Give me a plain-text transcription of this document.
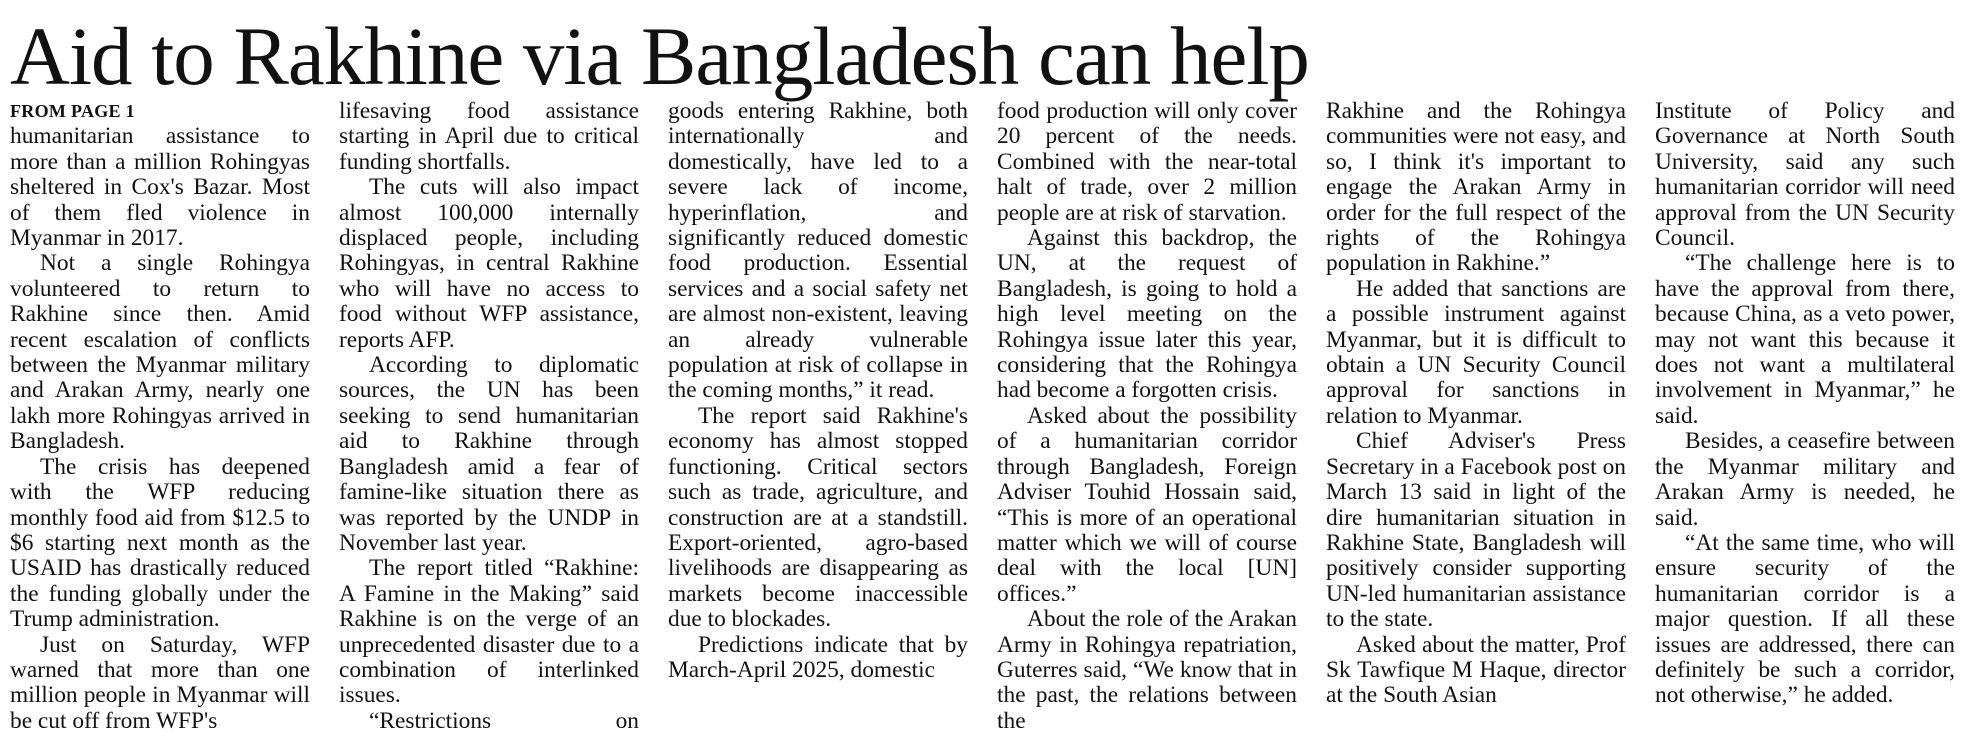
Aid to Rakhine via Bangladesh can help
FROM PAGE 1

humanitarian assistance to more than a million Rohingyas sheltered in Cox's Bazar. Most of them fled violence in Myanmar in 2017.

Not a single Rohingya volunteered to return to Rakhine since then. Amid recent escalation of conflicts between the Myanmar military and Arakan Army, nearly one lakh more Rohingyas arrived in Bangladesh.

The crisis has deepened with the WFP reducing monthly food aid from $12.5 to $6 starting next month as the USAID has drastically reduced the funding globally under the Trump administration.

Just on Saturday, WFP warned that more than one million people in Myanmar will be cut off from WFP's

lifesaving food assistance starting in April due to critical funding shortfalls.

The cuts will also impact almost 100,000 internally displaced people, including Rohingyas, in central Rakhine who will have no access to food without WFP assistance, reports AFP.

According to diplomatic sources, the UN has been seeking to send humanitarian aid to Rakhine through Bangladesh amid a fear of famine-like situation there as was reported by the UNDP in November last year.

The report titled “Rakhine: A Famine in the Making” said Rakhine is on the verge of an unprecedented disaster due to a combination of interlinked issues.

“Restrictions on

goods entering Rakhine, both internationally and domestically, have led to a severe lack of income, hyperinflation, and significantly reduced domestic food production. Essential services and a social safety net are almost non-existent, leaving an already vulnerable population at risk of collapse in the coming months,” it read.

The report said Rakhine's economy has almost stopped functioning. Critical sectors such as trade, agriculture, and construction are at a standstill. Export-oriented, agro-based livelihoods are disappearing as markets become inaccessible due to blockades.

Predictions indicate that by March-April 2025, domestic

food production will only cover 20 percent of the needs. Combined with the near-total halt of trade, over 2 million people are at risk of starvation.

Against this backdrop, the UN, at the request of Bangladesh, is going to hold a high level meeting on the Rohingya issue later this year, considering that the Rohingya had become a forgotten crisis.

Asked about the possibility of a humanitarian corridor through Bangladesh, Foreign Adviser Touhid Hossain said, “This is more of an operational matter which we will of course deal with the local [UN] offices.”

About the role of the Arakan Army in Rohingya repatriation, Guterres said, “We know that in the past, the relations between the

Rakhine and the Rohingya communities were not easy, and so, I think it's important to engage the Arakan Army in order for the full respect of the rights of the Rohingya population in Rakhine.”

He added that sanctions are a possible instrument against Myanmar, but it is difficult to obtain a UN Security Council approval for sanctions in relation to Myanmar.

Chief Adviser's Press Secretary in a Facebook post on March 13 said in light of the dire humanitarian situation in Rakhine State, Bangladesh will positively consider supporting UN-led humanitarian assistance to the state.

Asked about the matter, Prof Sk Tawfique M Haque, director at the South Asian

Institute of Policy and Governance at North South University, said any such humanitarian corridor will need approval from the UN Security Council.

“The challenge here is to have the approval from there, because China, as a veto power, may not want this because it does not want a multilateral involvement in Myanmar,” he said.

Besides, a ceasefire between the Myanmar military and Arakan Army is needed, he said.

“At the same time, who will ensure security of the humanitarian corridor is a major question. If all these issues are addressed, there can definitely be such a corridor, not otherwise,” he added.
